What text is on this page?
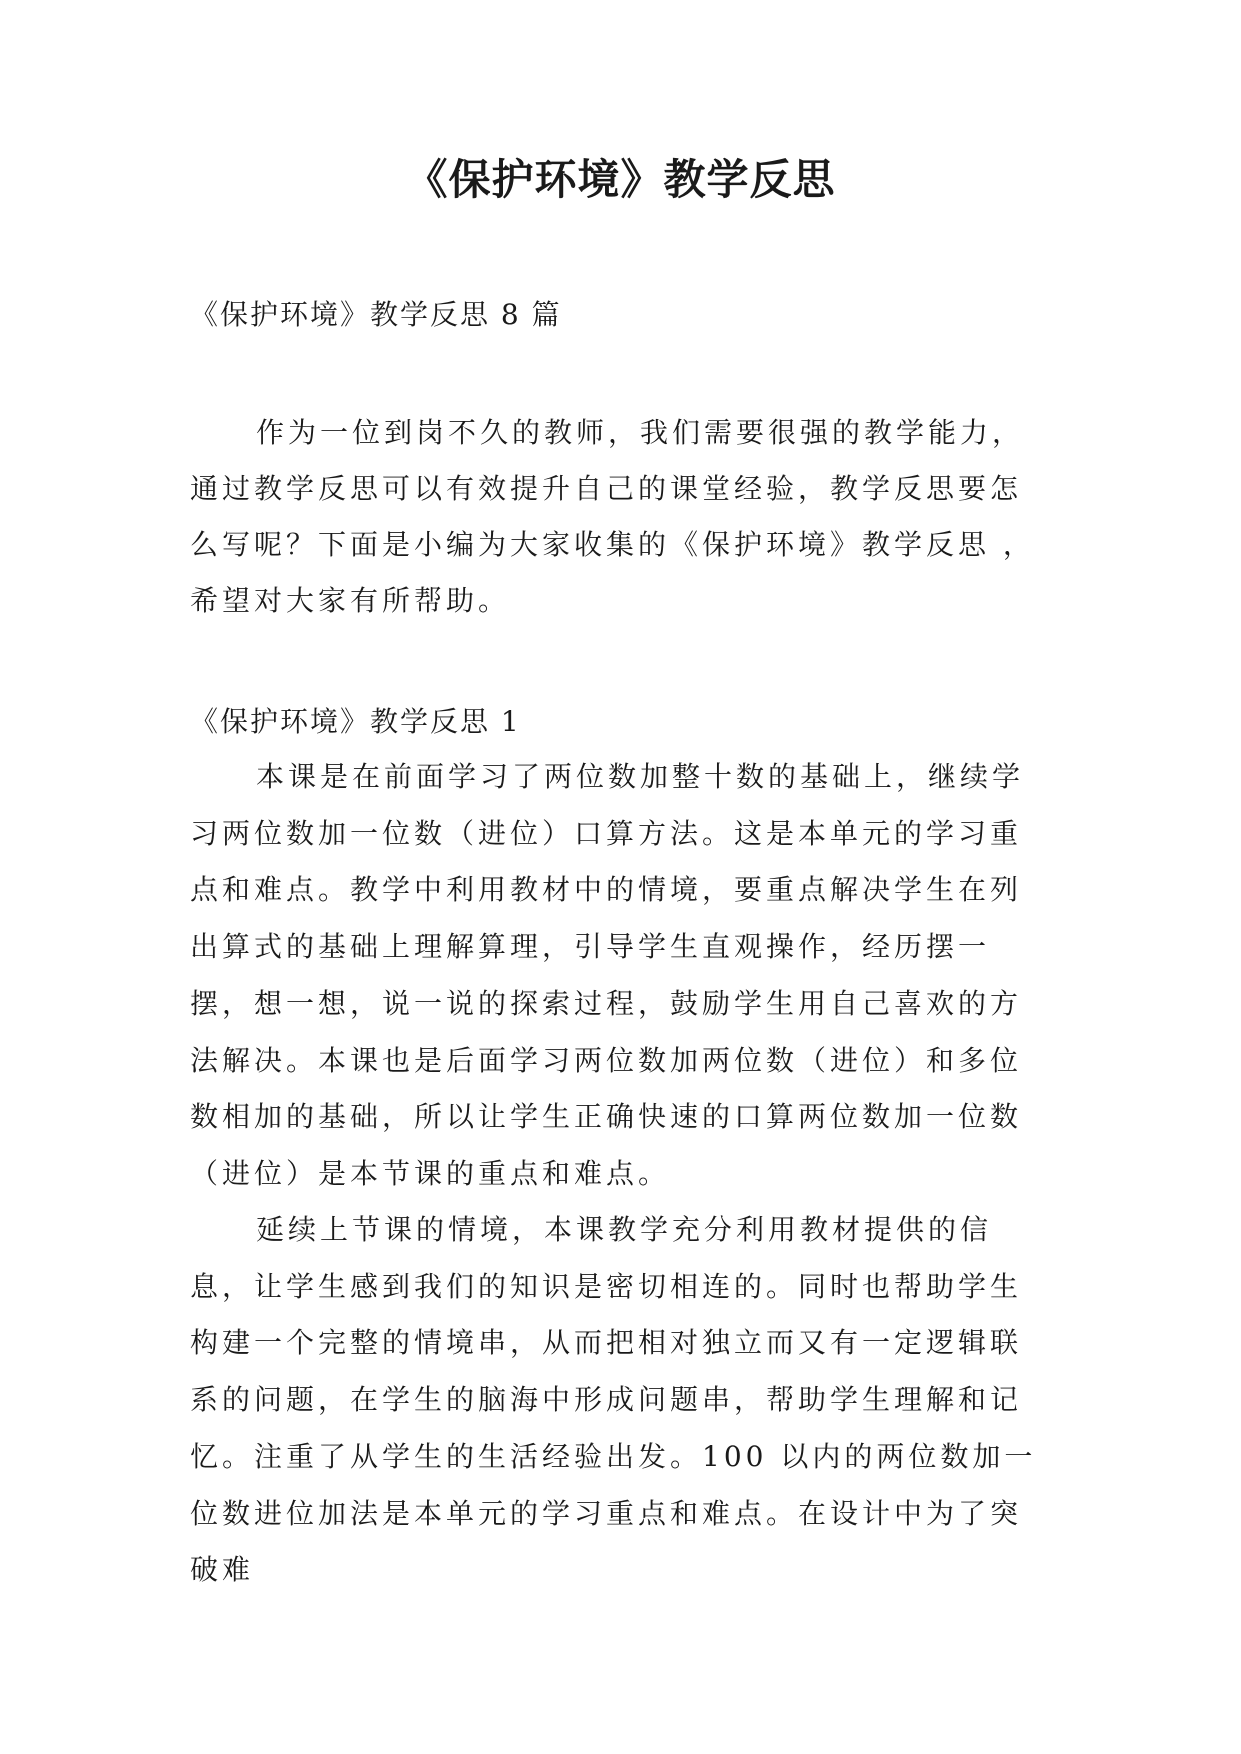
《保护环境》教学反思

《保护环境》教学反思 8 篇

作为一位到岗不久的教师，我们需要很强的教学能力，通过教学反思可以有效提升自己的课堂经验，教学反思要怎么写呢？下面是小编为大家收集的《保护环境》教学反思 ，希望对大家有所帮助。

《保护环境》教学反思 1

本课是在前面学习了两位数加整十数的基础上，继续学习两位数加一位数（进位）口算方法。这是本单元的学习重点和难点。教学中利用教材中的情境，要重点解决学生在列出算式的基础上理解算理，引导学生直观操作，经历摆一摆，想一想，说一说的探索过程，鼓励学生用自己喜欢的方法解决。本课也是后面学习两位数加两位数（进位）和多位数相加的基础，所以让学生正确快速的口算两位数加一位数（进位）是本节课的重点和难点。

延续上节课的情境，本课教学充分利用教材提供的信息，让学生感到我们的知识是密切相连的。同时也帮助学生构建一个完整的情境串，从而把相对独立而又有一定逻辑联系的问题，在学生的脑海中形成问题串，帮助学生理解和记忆。注重了从学生的生活经验出发。100 以内的两位数加一位数进位加法是本单元的学习重点和难点。在设计中为了突破难
